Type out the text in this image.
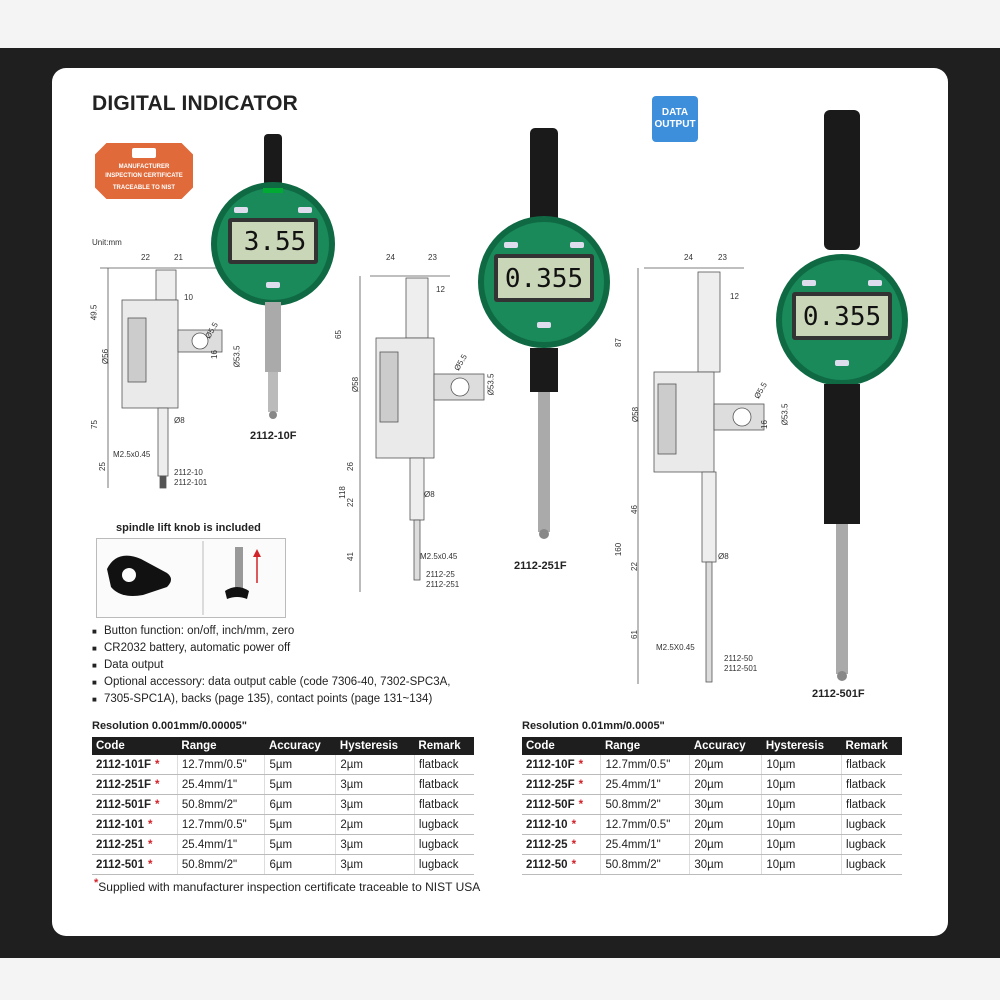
DIGITAL INDICATOR	DATA
OUTPUT
MANUFACTURER
INSPECTION CERTIFICATE
TRACEABLE TO NIST
Unit:mm
22	21
10
49.5
Ø56	Ø53.5
Ø5.5
16
75
25
Ø8
M2.5x0.45
2112-10
2112-101
3.55
2112-10F
24	23
12
65
Ø58	Ø53.5
Ø5.5
26
118
22
41
Ø8
M2.5x0.45
2112-25
2112-251
0.355
2112-251F
24	23
12
87
Ø58	Ø53.5
Ø5.5
16
46
160
22
61
Ø8
M2.5X0.45
2112-50
2112-501
0.355
2112-501F
spindle lift knob is included
■ Button function: on/off, inch/mm, zero
■ CR2032 battery, automatic power off
■ Data output
■ Optional accessory: data output cable (code 7306-40, 7302-SPC3A,
■ 7305-SPC1A), backs (page 135), contact points (page 131~134)
Resolution 0.001mm/0.00005"
Code	Range	Accuracy	Hysteresis	Remark
2112-101F *	12.7mm/0.5"	5µm	2µm	flatback
2112-251F *	25.4mm/1"	5µm	3µm	flatback
2112-501F *	50.8mm/2"	6µm	3µm	flatback
2112-101 *	12.7mm/0.5"	5µm	2µm	lugback
2112-251 *	25.4mm/1"	5µm	3µm	lugback
2112-501 *	50.8mm/2"	6µm	3µm	lugback
Resolution 0.01mm/0.0005"
Code	Range	Accuracy	Hysteresis	Remark
2112-10F *	12.7mm/0.5"	20µm	10µm	flatback
2112-25F *	25.4mm/1"	20µm	10µm	flatback
2112-50F *	50.8mm/2"	30µm	10µm	flatback
2112-10 *	12.7mm/0.5"	20µm	10µm	lugback
2112-25 *	25.4mm/1"	20µm	10µm	lugback
2112-50 *	50.8mm/2"	30µm	10µm	lugback
*Supplied with manufacturer inspection certificate traceable to NIST USA
